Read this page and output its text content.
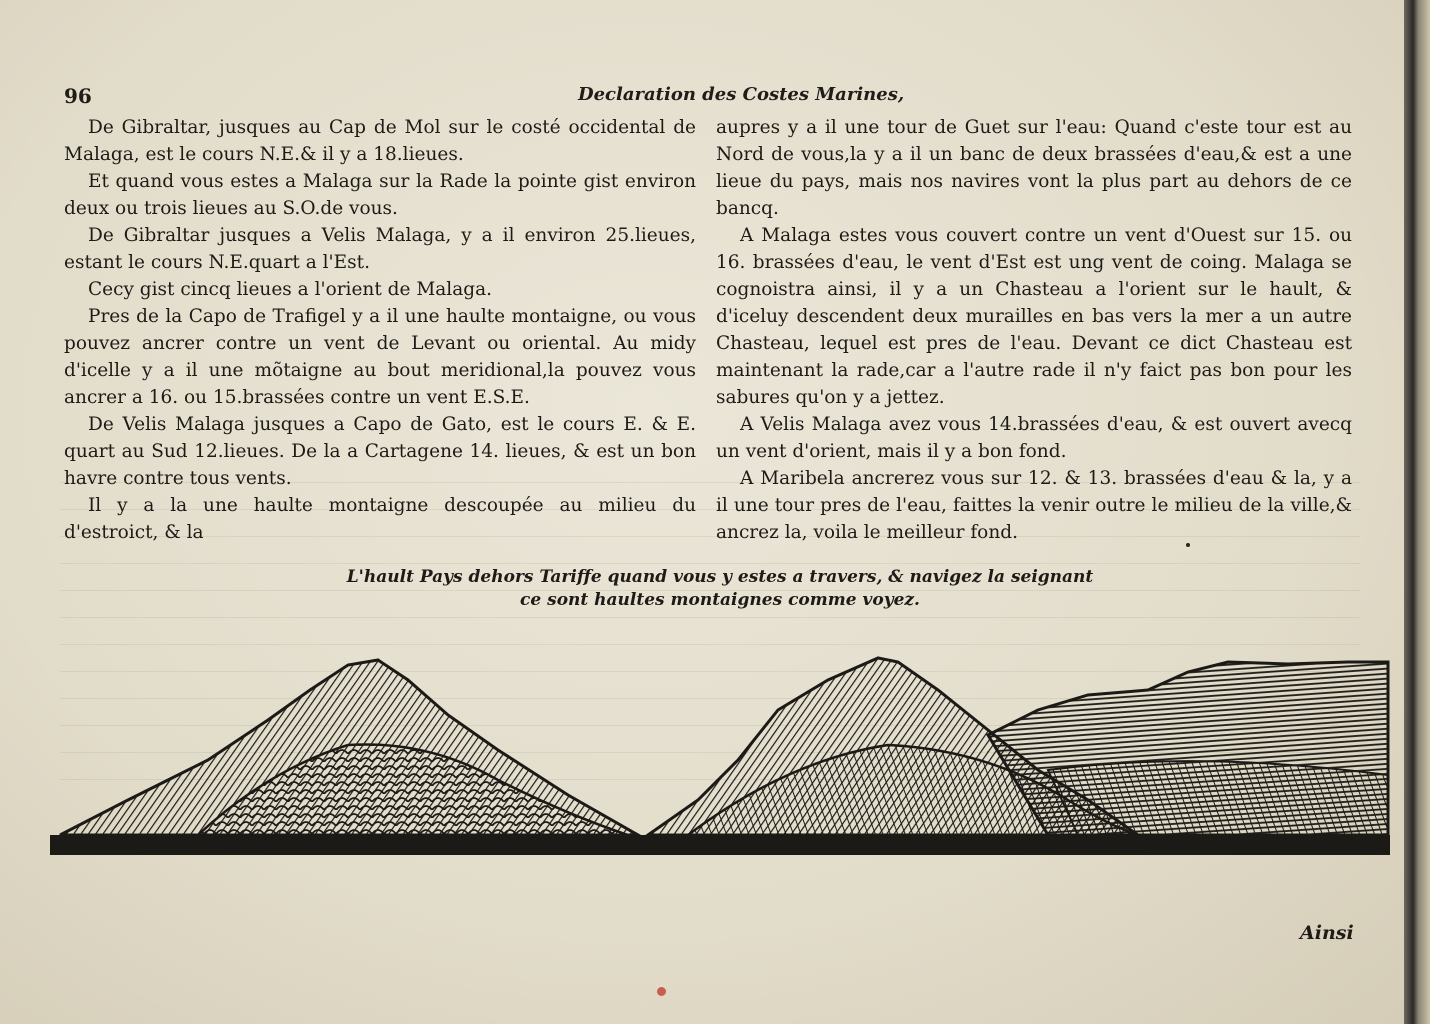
96	Declaration des Costes Marines,

De Gibraltar, jusques au Cap de Mol sur le costé occidental de Malaga, est le cours N.E.& il y a 18.lieues.

Et quand vous estes a Malaga sur la Rade la pointe gist environ deux ou trois lieues au S.O.de vous.

De Gibraltar jusques a Velis Malaga, y a il environ 25.lieues, estant le cours N.E.quart a l'Est.

Cecy gist cincq lieues a l'orient de Malaga.

Pres de la Capo de Trafigel y a il une haulte montaigne, ou vous pouvez ancrer contre un vent de Levant ou oriental. Au midy d'icelle y a il une mõtaigne au bout meridional,la pouvez vous ancrer a 16. ou 15.brassées contre un vent E.S.E.

De Velis Malaga jusques a Capo de Gato, est le cours E. & E. quart au Sud 12.lieues. De la a Cartagene 14. lieues, & est un bon havre contre tous vents.

Il y a la une haulte montaigne descoupée au milieu du d'estroict, & la

aupres y a il une tour de Guet sur l'eau: Quand c'este tour est au Nord de vous,la y a il un banc de deux brassées d'eau,& est a une lieue du pays, mais nos navires vont la plus part au dehors de ce bancq.

A Malaga estes vous couvert contre un vent d'Ouest sur 15. ou 16. brassées d'eau, le vent d'Est est ung vent de coing. Malaga se cognoistra ainsi, il y a un Chasteau a l'orient sur le hault, & d'iceluy descendent deux murailles en bas vers la mer a un autre Chasteau, lequel est pres de l'eau. Devant ce dict Chasteau est maintenant la rade,car a l'autre rade il n'y faict pas bon pour les sabures qu'on y a jettez.

A Velis Malaga avez vous 14.brassées d'eau, & est ouvert avecq un vent d'orient, mais il y a bon fond.

A Maribela ancrerez vous sur 12. & 13. brassées d'eau & la, y a il une tour pres de l'eau, faittes la venir outre le milieu de la ville,& ancrez la, voila le meilleur fond.

L'hault Pays dehors Tariffe quand vous y estes a travers, & navigez la seignant
ce sont haultes montaignes comme voyez.
Ainsi
